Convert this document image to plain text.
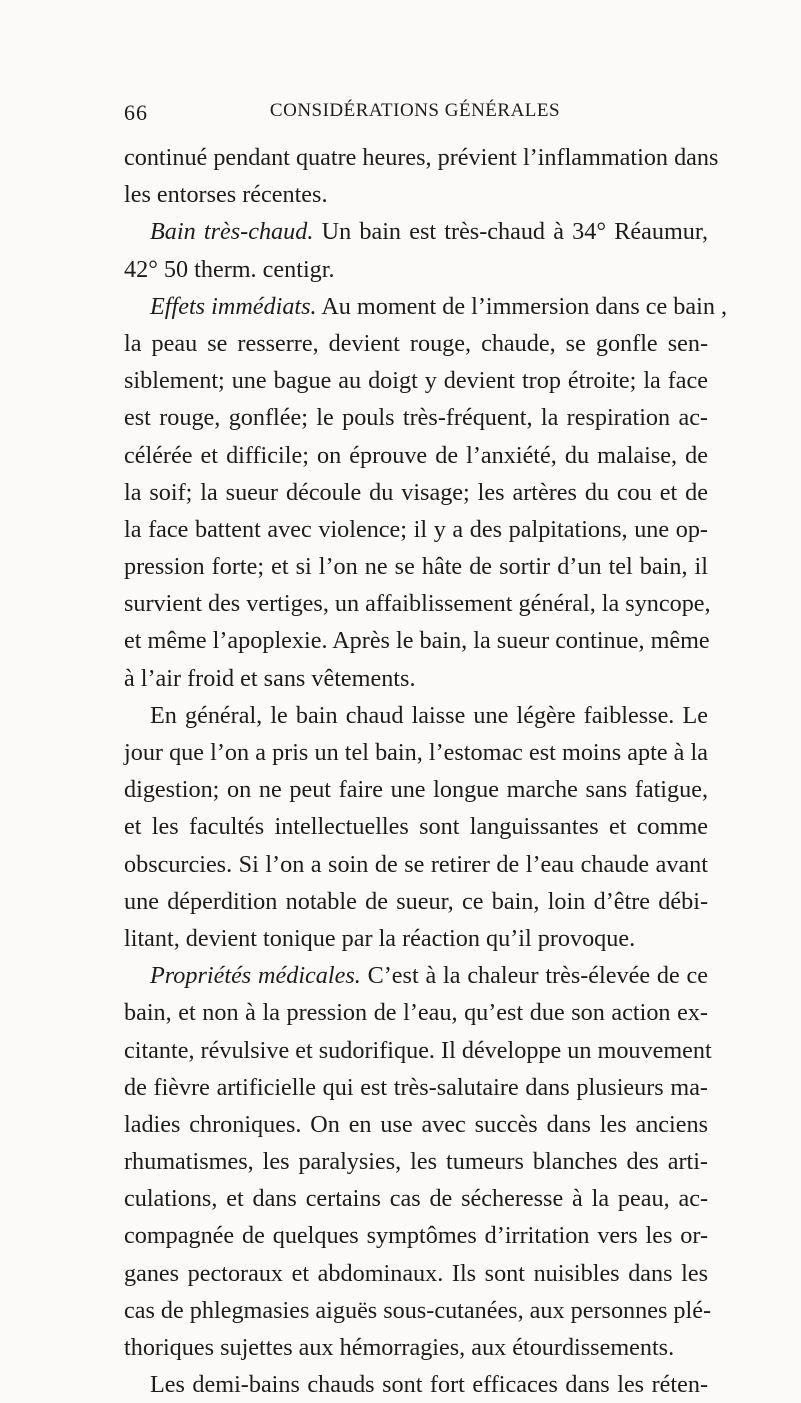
66	CONSIDÉRATIONS GÉNÉRALES
continué pendant quatre heures, prévient l’inflammation dans
les entorses récentes.
Bain très-chaud. Un bain est très-chaud à 34° Réaumur,
42° 50 therm. centigr.
Effets immédiats. Au moment de l’immersion dans ce bain ,
la peau se resserre, devient rouge, chaude, se gonfle sen-
siblement; une bague au doigt y devient trop étroite; la face
est rouge, gonflée; le pouls très-fréquent, la respiration ac-
célérée et difficile; on éprouve de l’anxiété, du malaise, de
la soif; la sueur découle du visage; les artères du cou et de
la face battent avec violence; il y a des palpitations, une op-
pression forte; et si l’on ne se hâte de sortir d’un tel bain, il
survient des vertiges, un affaiblissement général, la syncope,
et même l’apoplexie. Après le bain, la sueur continue, même
à l’air froid et sans vêtements.
En général, le bain chaud laisse une légère faiblesse. Le
jour que l’on a pris un tel bain, l’estomac est moins apte à la
digestion; on ne peut faire une longue marche sans fatigue,
et les facultés intellectuelles sont languissantes et comme
obscurcies. Si l’on a soin de se retirer de l’eau chaude avant
une déperdition notable de sueur, ce bain, loin d’être débi-
litant, devient tonique par la réaction qu’il provoque.
Propriétés médicales. C’est à la chaleur très-élevée de ce
bain, et non à la pression de l’eau, qu’est due son action ex-
citante, révulsive et sudorifique. Il développe un mouvement
de fièvre artificielle qui est très-salutaire dans plusieurs ma-
ladies chroniques. On en use avec succès dans les anciens
rhumatismes, les paralysies, les tumeurs blanches des arti-
culations, et dans certains cas de sécheresse à la peau, ac-
compagnée de quelques symptômes d’irritation vers les or-
ganes pectoraux et abdominaux. Ils sont nuisibles dans les
cas de phlegmasies aiguës sous-cutanées, aux personnes plé-
thoriques sujettes aux hémorragies, aux étourdissements.
Les demi-bains chauds sont fort efficaces dans les réten-
